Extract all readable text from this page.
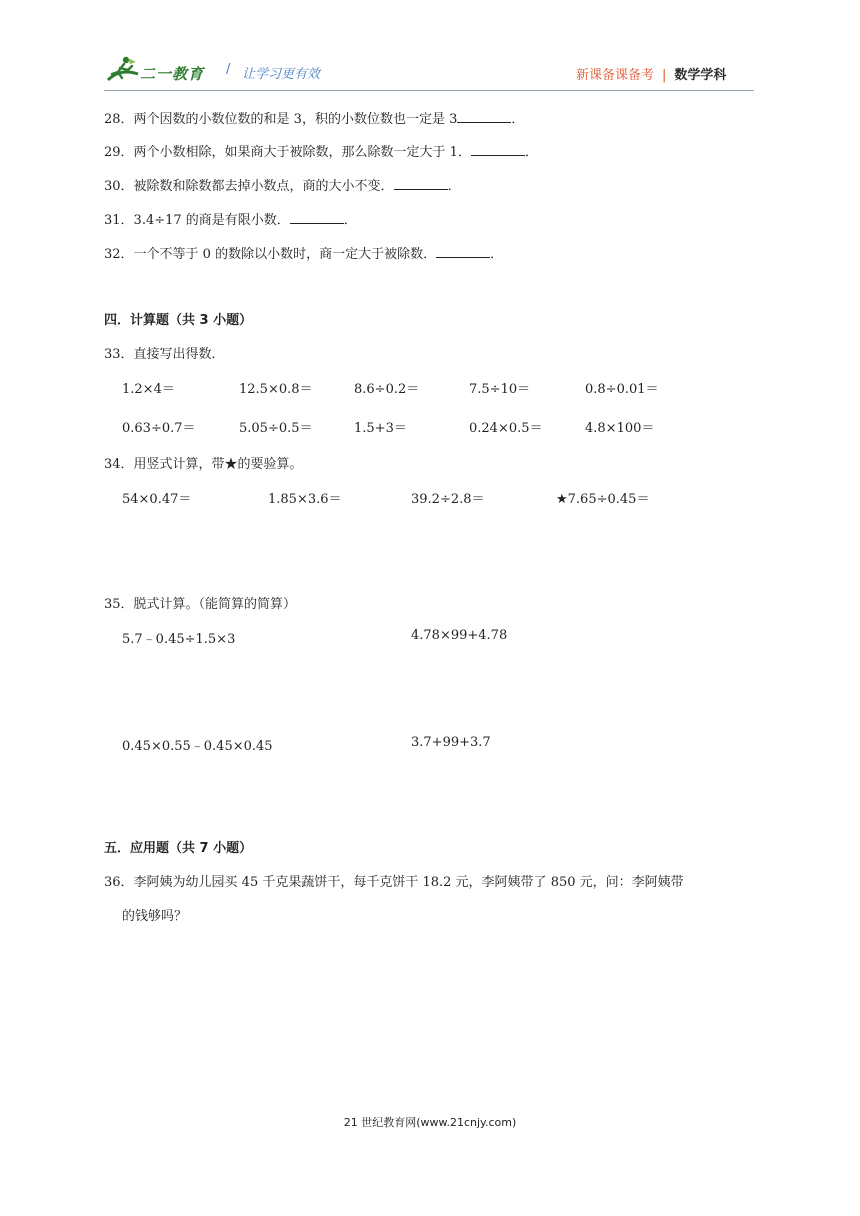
二一教育 / 让学习更有效	新课备课备考 | 数学学科
28．两个因数的小数位数的和是 3，积的小数位数也一定是 3	．
29．两个小数相除，如果商大于被除数，那么除数一定大于 1．	．
30．被除数和除数都去掉小数点，商的大小不变．	．
31．3.4÷17 的商是有限小数．	．
32．一个不等于 0 的数除以小数时，商一定大于被除数．	．
四．计算题（共 3 小题）
33．直接写出得数．
1.2×4＝	12.5×0.8＝	8.6÷0.2＝	7.5÷10＝	0.8÷0.01＝
0.63÷0.7＝	5.05÷0.5＝	1.5+3＝	0.24×0.5＝	4.8×100＝
34．用竖式计算，带★的要验算。
54×0.47＝	1.85×3.6＝	39.2÷2.8＝	★7.65÷0.45＝
35．脱式计算。（能简算的简算）
5.7﹣0.45÷1.5×3	4.78×99+4.78
0.45×0.55﹣0.45×0.45	3.7+99+3.7
五．应用题（共 7 小题）
36．李阿姨为幼儿园买 45 千克果蔬饼干，每千克饼干 18.2 元，李阿姨带了 850 元，问：李阿姨带
的钱够吗？
21 世纪教育网(www.21cnjy.com)
